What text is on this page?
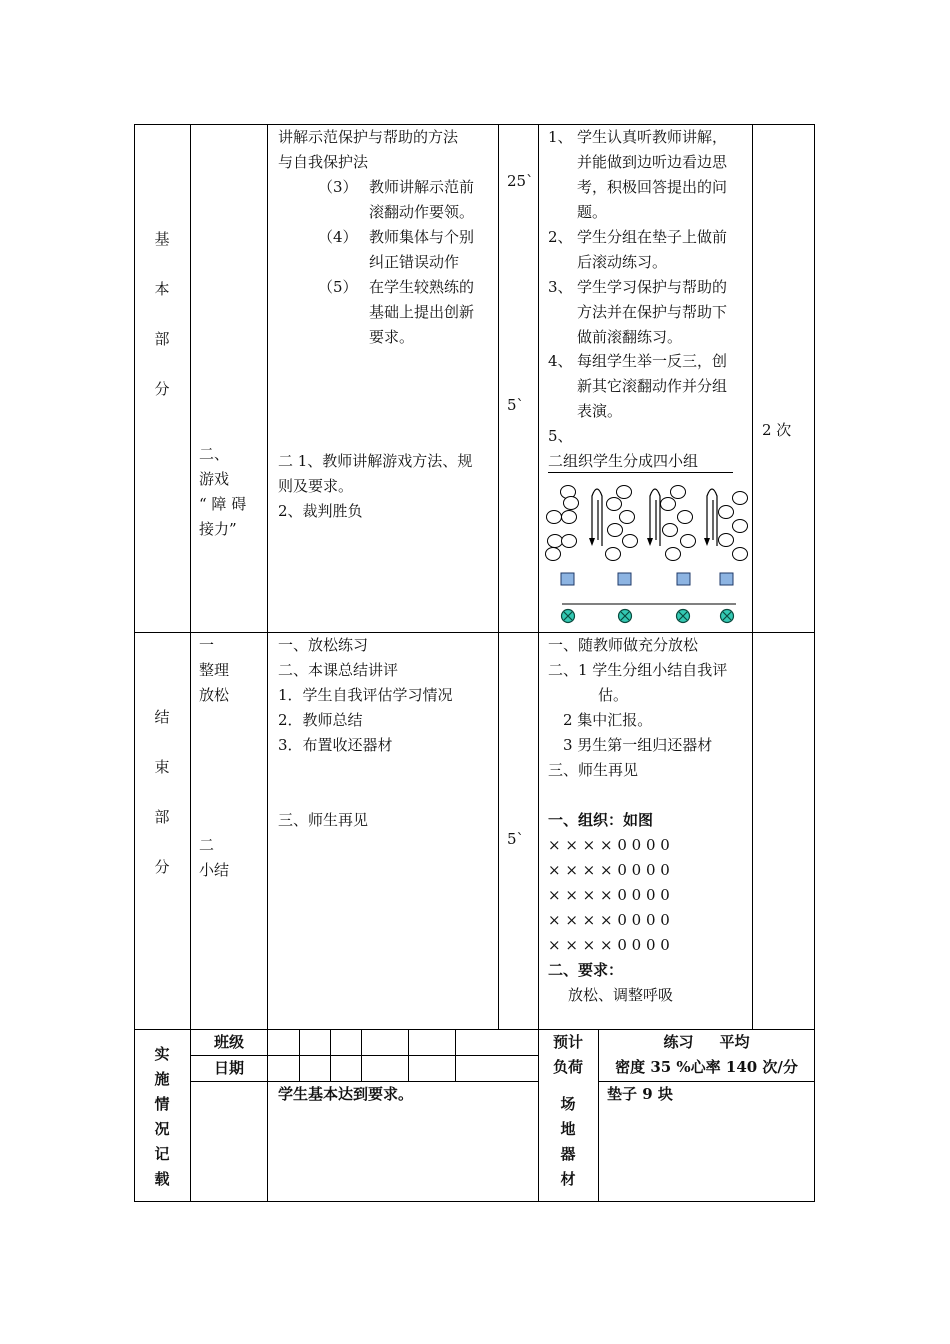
基
本
部
分
二、
游戏
“ 障 碍
接力”
讲解示范保护与帮助的方法
与自我保护法
（3） 教师讲解示范前
滚翻动作要领。
（4） 教师集体与个别
纠正错误动作
（5） 在学生较熟练的
基础上提出创新
要求。
二 1、教师讲解游戏方法、规
则及要求。
2、裁判胜负
25`
5`
1、 学生认真听教师讲解，
并能做到边听边看边思
考，积极回答提出的问
题。
2、 学生分组在垫子上做前
后滚动练习。
3、 学生学习保护与帮助的
方法并在保护与帮助下
做前滚翻练习。
4、 每组学生举一反三，创
新其它滚翻动作并分组
表演。
5、
二组织学生分成四小组
2 次
结
束
部
分
一
整理
放松
二
小结
一、放松练习
二、本课总结讲评
1．学生自我评估学习情况
2．教师总结
3．布置收还器材
三、师生再见
5`
一、随教师做充分放松
二、1 学生分组小结自我评
估。
2 集中汇报。
3 男生第一组归还器材
三、师生再见
一、组织：如图
× × × × 0 0 0 0
× × × × 0 0 0 0
× × × × 0 0 0 0
× × × × 0 0 0 0
× × × × 0 0 0 0
二、要求：
放松、调整呼吸
实
施
情
况
记
载
班级
日期
预计
负荷
练习     平均
密度 35 %心率 140 次/分
学生基本达到要求。
场
地
器
材
垫子 9 块
